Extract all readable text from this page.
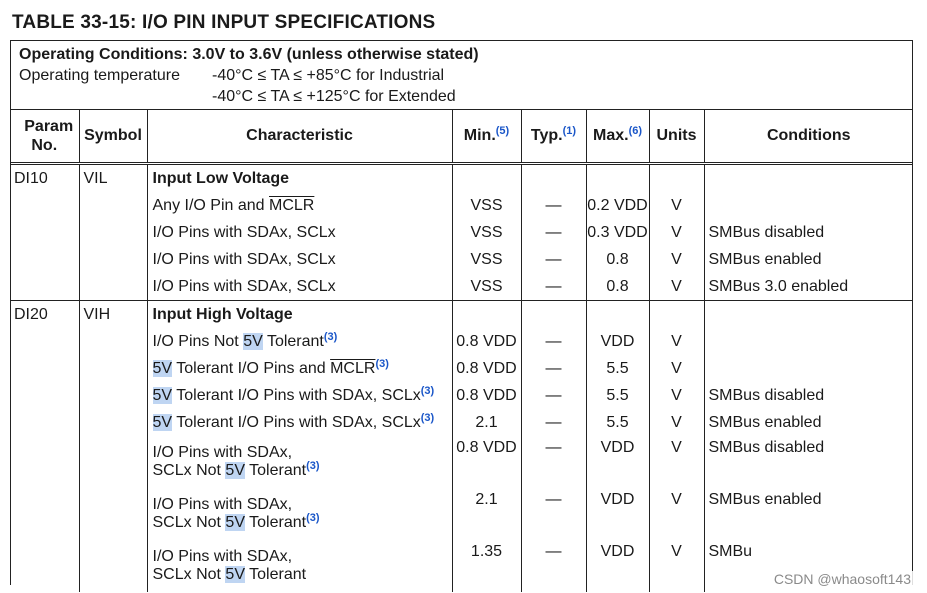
TABLE 33-15: I/O PIN INPUT SPECIFICATIONS
Operating Conditions: 3.0V to 3.6V (unless otherwise stated)
Operating temperature	-40°C ≤ TA ≤ +85°C for Industrial
-40°C ≤ TA ≤ +125°C for Extended
Param No.	Symbol	Characteristic	Min.$^{(5)}$	Typ.$^{(1)}$	Max.$^{(6)}$	Units	Conditions
DI10	VIL	Input Low Voltage					
		Any I/O Pin and MCLR	VSS	—	0.2 VDD	V	
		I/O Pins with SDAx, SCLx	VSS	—	0.3 VDD	V	SMBus disabled
		I/O Pins with SDAx, SCLx	VSS	—	0.8	V	SMBus enabled
		I/O Pins with SDAx, SCLx	VSS	—	0.8	V	SMBus 3.0 enabled
DI20	VIH	Input High Voltage					
		I/O Pins Not 5V Tolerant$^{(3)}$	0.8 VDD	—	VDD	V	
		5V Tolerant I/O Pins and MCLR$^{(3)}$	0.8 VDD	—	5.5	V	
		5V Tolerant I/O Pins with SDAx, SCLx$^{(3)}$	0.8 VDD	—	5.5	V	SMBus disabled
		5V Tolerant I/O Pins with SDAx, SCLx$^{(3)}$	2.1	—	5.5	V	SMBus enabled

		I/O Pins with SDAx,
SCLx Not 5V Tolerant$^{(3)}$	0.8 VDD	—	VDD	V	SMBus disabled

		I/O Pins with SDAx,
SCLx Not 5V Tolerant$^{(3)}$	2.1	—	VDD	V	SMBus enabled

		I/O Pins with SDAx,
SCLx Not 5V Tolerant	1.35	—	VDD	V	SMBu
CSDN @whaosoft143
